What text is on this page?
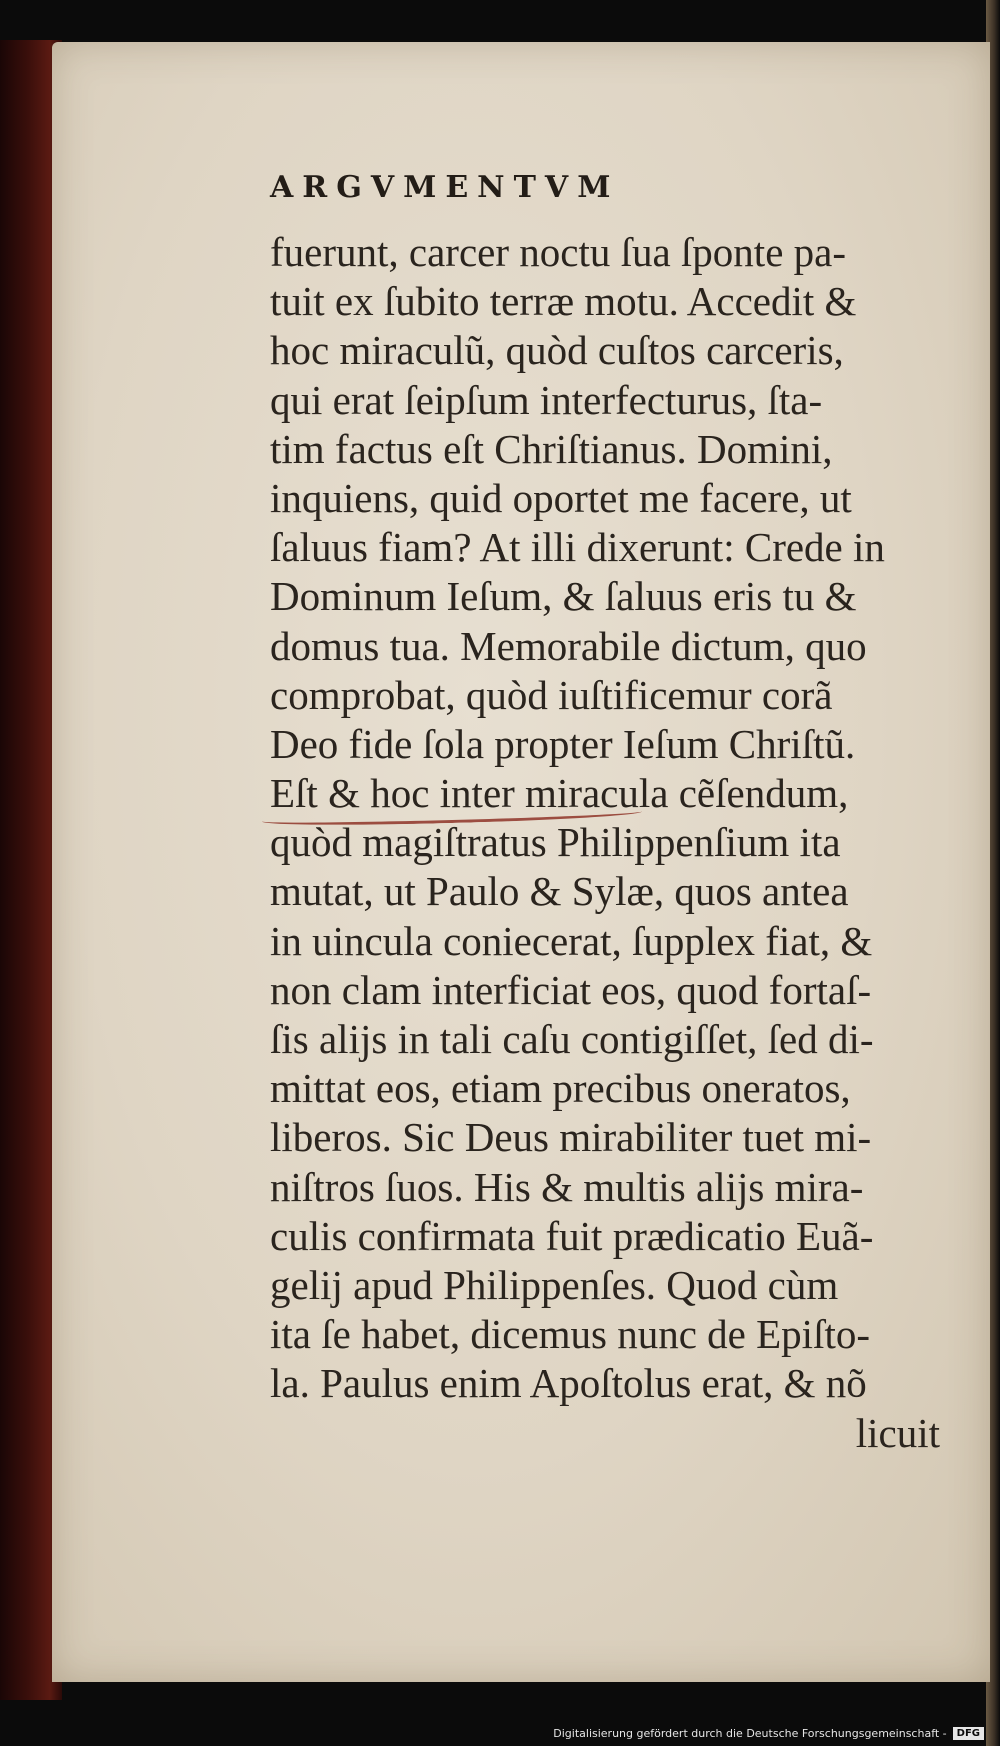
ARGVMENTVM
fuerunt, carcer noctu ſua ſponte pa-
tuit ex ſubito terræ motu. Accedit &
hoc miraculũ, quòd cuſtos carceris,
qui erat ſeipſum interfecturus, ſta-
tim factus eſt Chriſtianus. Domini,
inquiens, quid oportet me facere, ut
ſaluus fiam? At illi dixerunt: Crede in
Dominum Ieſum, & ſaluus eris tu &
domus tua. Memorabile dictum, quo
comprobat, quòd iuſtificemur corã
Deo fide ſola propter Ieſum Chriſtũ.
Eſt & hoc inter miracula cẽſendum,
quòd magiſtratus Philippenſium ita
mutat, ut Paulo & Sylæ, quos antea
in uincula coniecerat, ſupplex fiat, &
non clam interficiat eos, quod fortaſ-
ſis alijs in tali caſu contigiſſet, ſed di-
mittat eos, etiam precibus oneratos,
liberos. Sic Deus mirabiliter tuet mi-
niſtros ſuos. His & multis alijs mira-
culis confirmata fuit prædicatio Euã-
gelij apud Philippenſes. Quod cùm
ita ſe habet, dicemus nunc de Epiſto-
la. Paulus enim Apoſtolus erat, & nõ
licuit
Digitalisierung gefördert durch die Deutsche Forschungsgemeinschaft -	DFG
